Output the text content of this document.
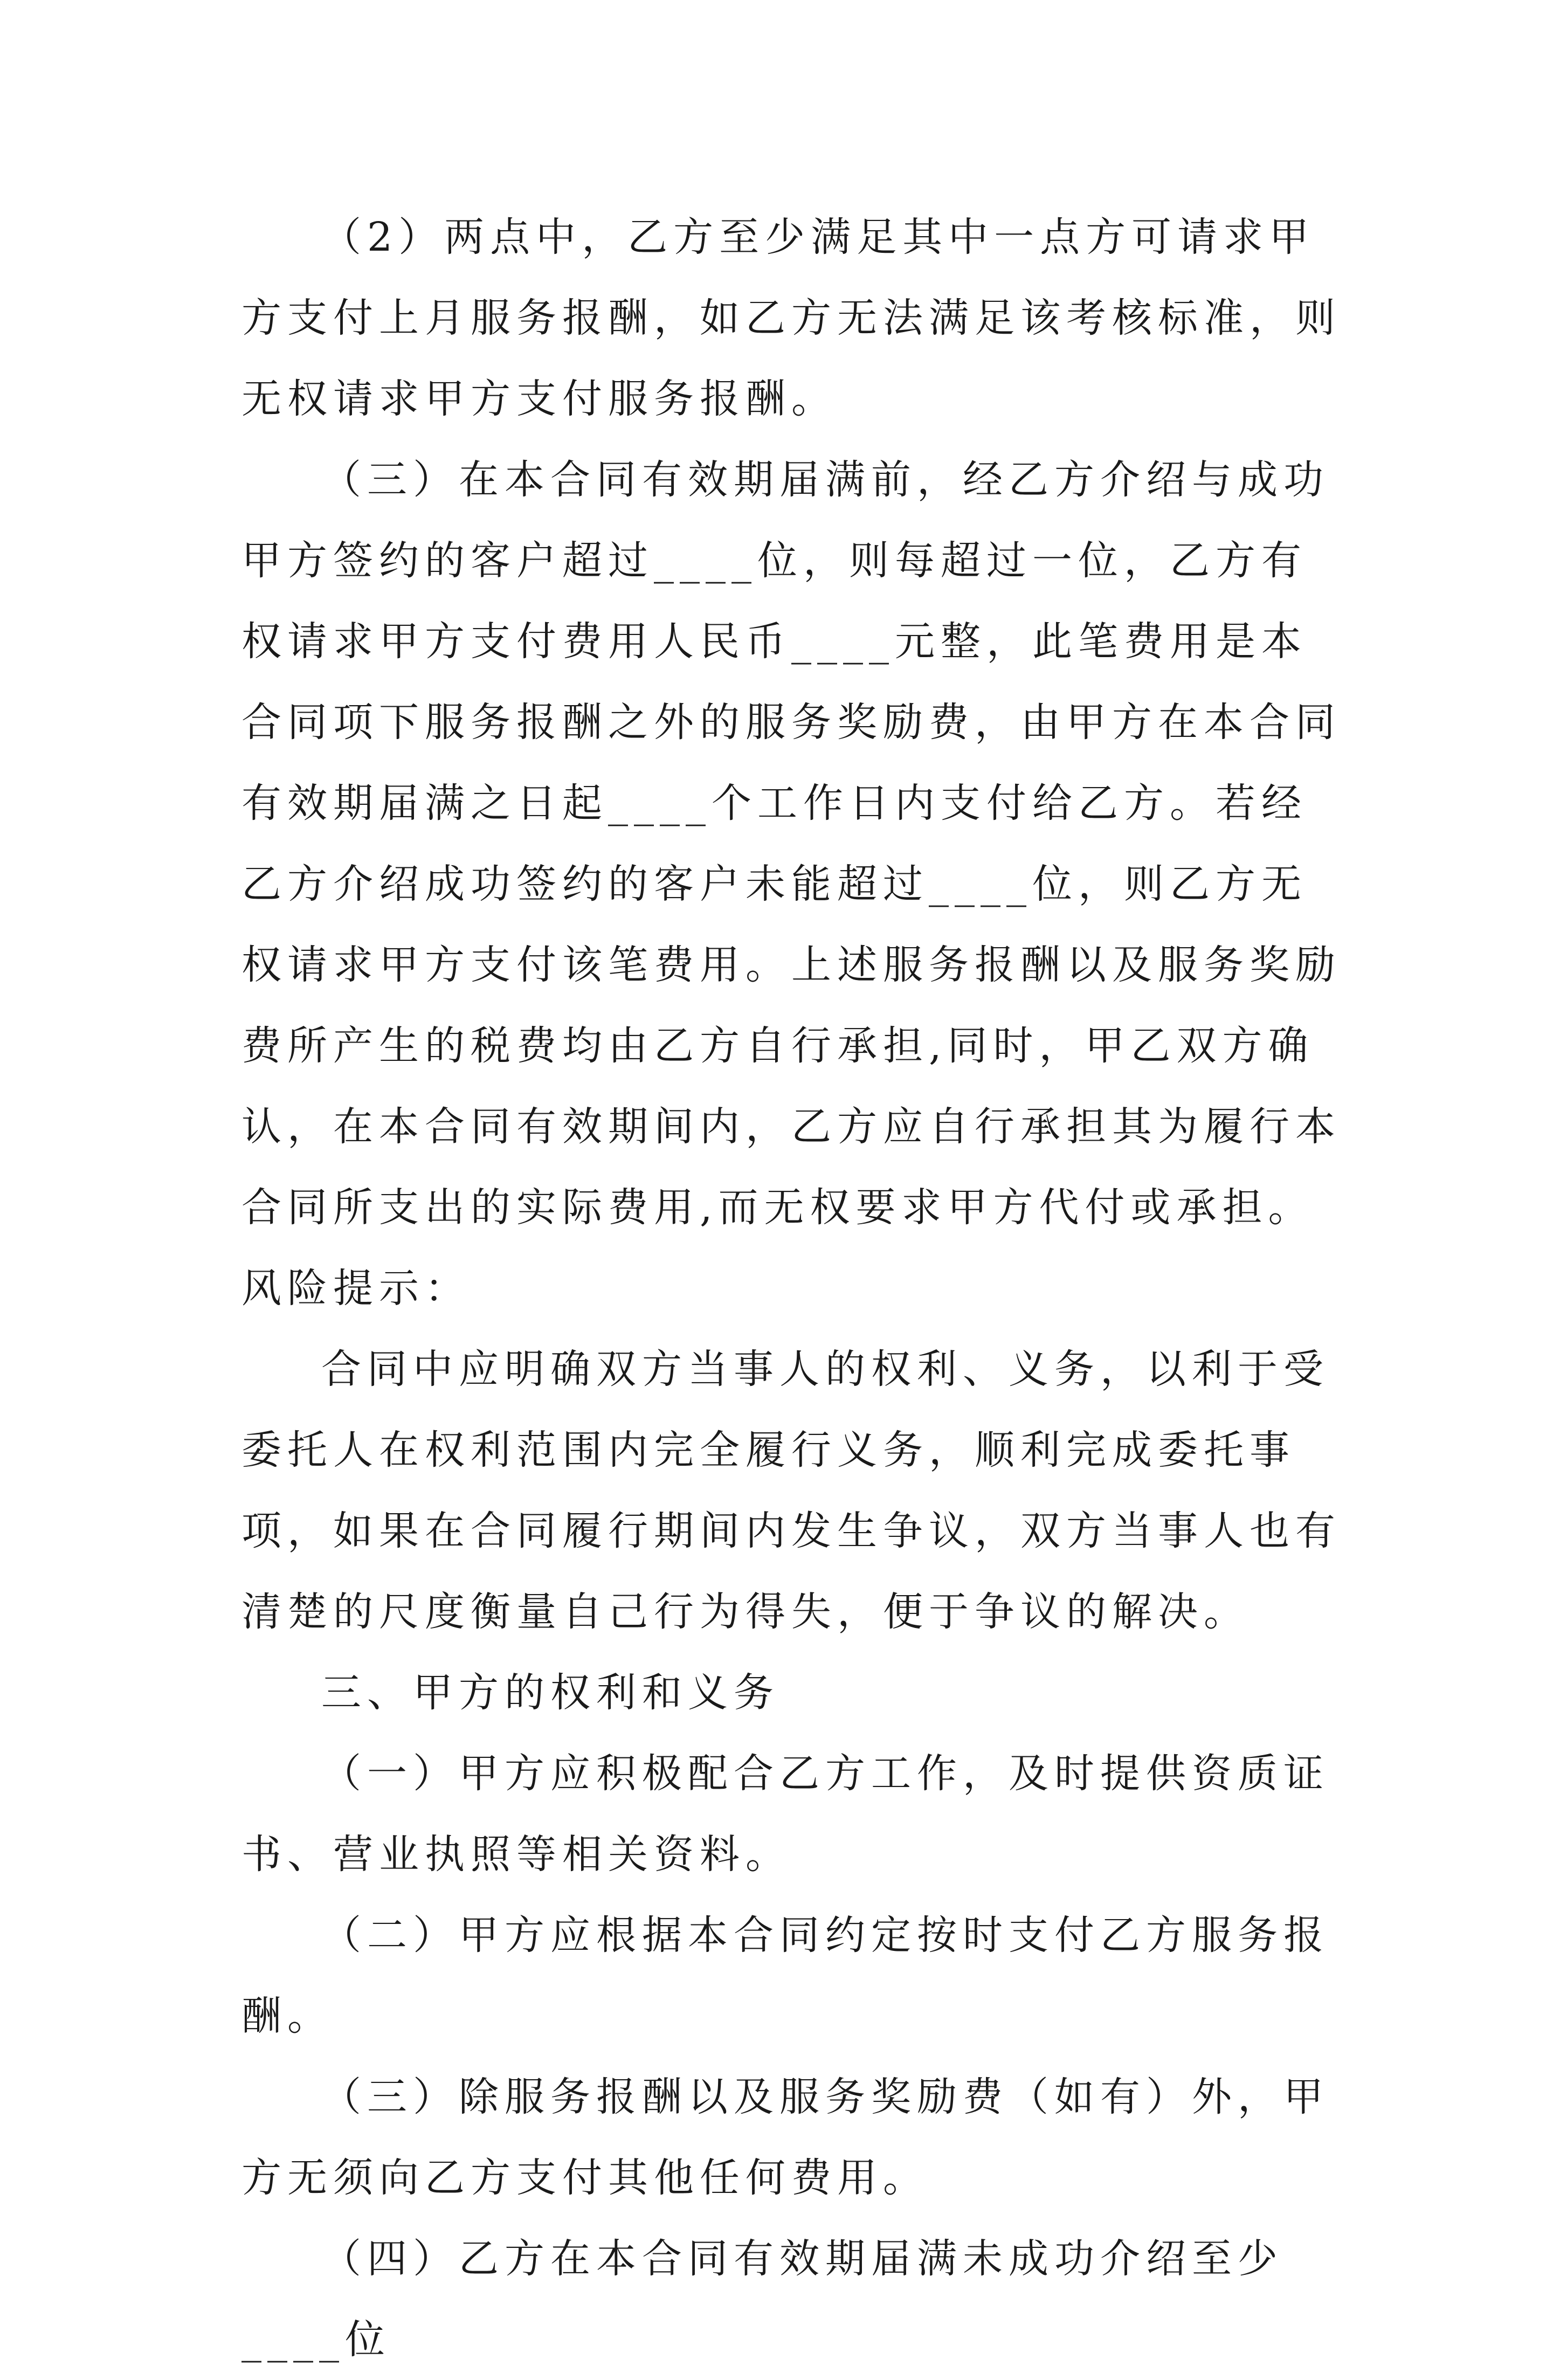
（2）两点中，乙方至少满足其中一点方可请求甲方支付上月服务报酬，如乙方无法满足该考核标准，则无权请求甲方支付服务报酬。

（三）在本合同有效期届满前，经乙方介绍与成功甲方签约的客户超过____位，则每超过一位，乙方有权请求甲方支付费用人民币____元整，此笔费用是本合同项下服务报酬之外的服务奖励费，由甲方在本合同有效期届满之日起____个工作日内支付给乙方。若经乙方介绍成功签约的客户未能超过____位，则乙方无权请求甲方支付该笔费用。上述服务报酬以及服务奖励费所产生的税费均由乙方自行承担,同时，甲乙双方确认，在本合同有效期间内，乙方应自行承担其为履行本合同所支出的实际费用,而无权要求甲方代付或承担。

风险提示：

合同中应明确双方当事人的权利、义务，以利于受委托人在权利范围内完全履行义务，顺利完成委托事项，如果在合同履行期间内发生争议，双方当事人也有清楚的尺度衡量自己行为得失，便于争议的解决。

三、甲方的权利和义务

（一）甲方应积极配合乙方工作，及时提供资质证书、营业执照等相关资料。

（二）甲方应根据本合同约定按时支付乙方服务报酬。

（三）除服务报酬以及服务奖励费（如有）外，甲方无须向乙方支付其他任何费用。

（四）乙方在本合同有效期届满未成功介绍至少____位
